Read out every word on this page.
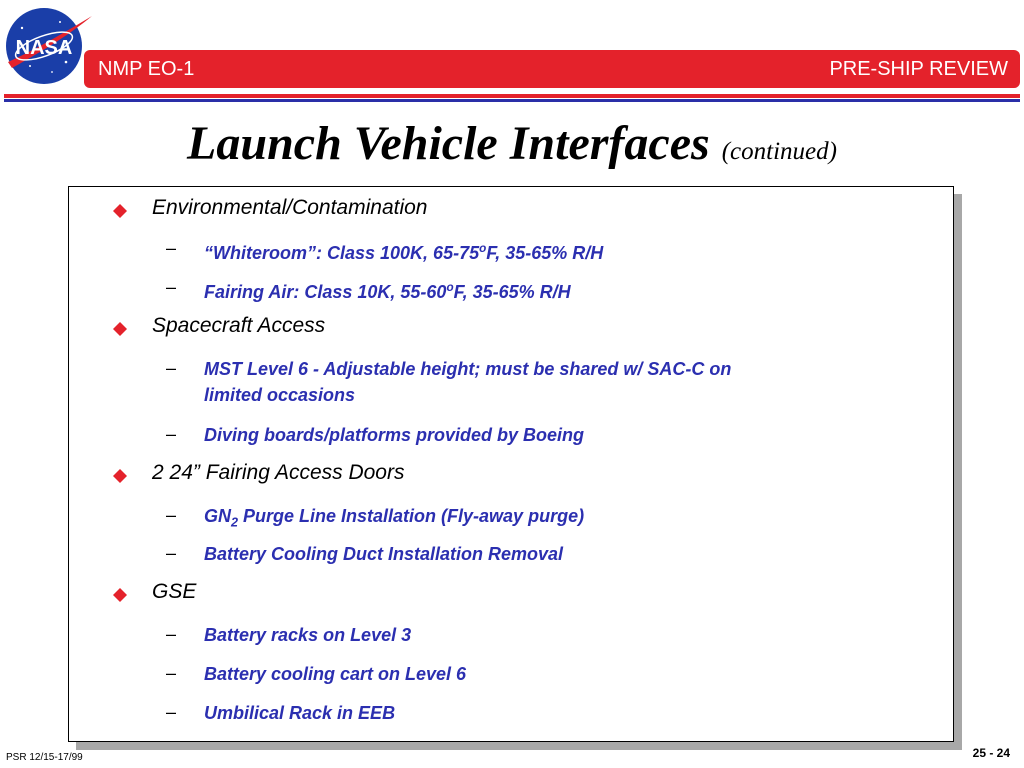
NASA
NMP EO-1	PRE-SHIP REVIEW
Launch Vehicle Interfaces (continued)
Environmental/Contamination
– “Whiteroom”: Class 100K, 65-75$^o$F, 35-65% R/H
– Fairing Air: Class 10K, 55-60$^o$F, 35-65% R/H
Spacecraft Access
– MST Level 6 - Adjustable height; must be shared w/ SAC-C on
limited occasions
– Diving boards/platforms provided by Boeing
2 24” Fairing Access Doors
– $GN_2$ Purge Line Installation (Fly-away purge)
– Battery Cooling Duct Installation Removal
GSE
– Battery racks on Level 3
– Battery cooling cart on Level 6
– Umbilical Rack in EEB
PSR 12/15-17/99	25 - 24
